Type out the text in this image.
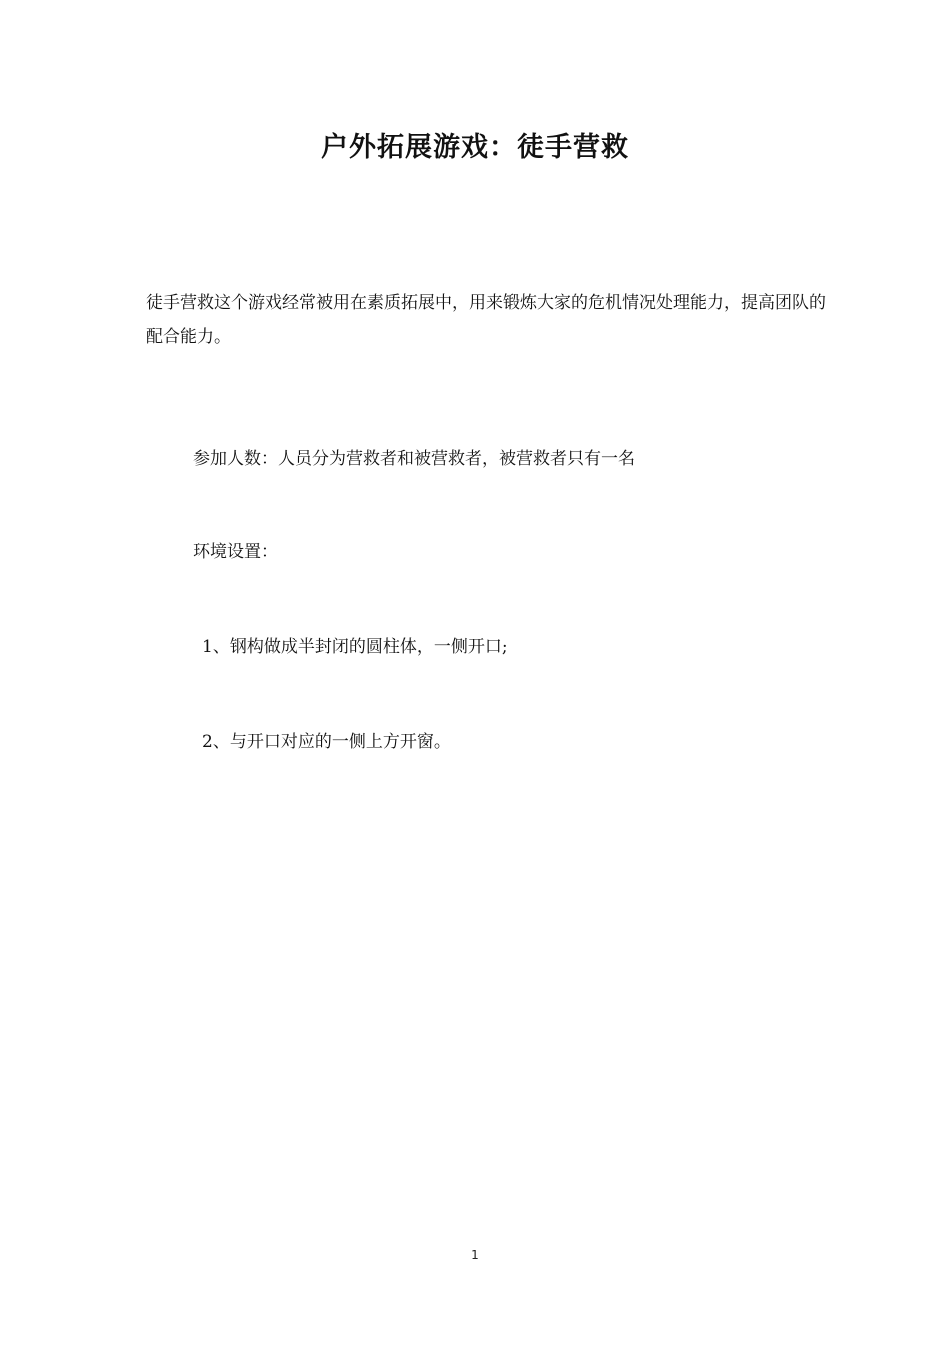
户外拓展游戏：徒手营救
徒手营救这个游戏经常被用在素质拓展中，用来锻炼大家的危机情况处理能力，提高团队的配合能力。
参加人数：人员分为营救者和被营救者，被营救者只有一名
环境设置：
1、钢构做成半封闭的圆柱体，一侧开口;
2、与开口对应的一侧上方开窗。
1
